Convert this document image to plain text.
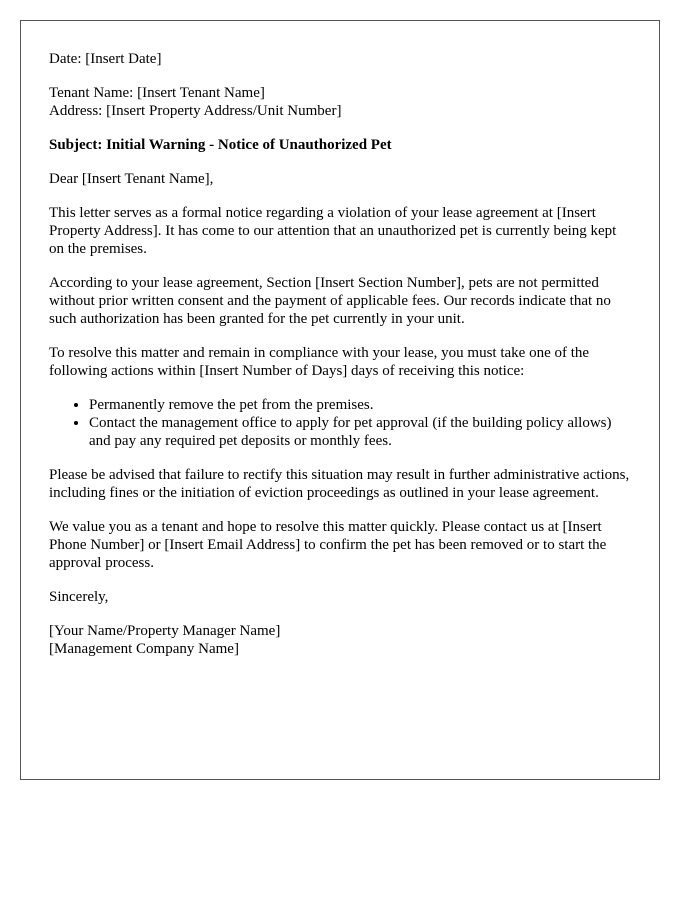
Date: [Insert Date]

Tenant Name: [Insert Tenant Name]
Address: [Insert Property Address/Unit Number]

Subject: Initial Warning - Notice of Unauthorized Pet

Dear [Insert Tenant Name],

This letter serves as a formal notice regarding a violation of your lease agreement at [Insert Property Address]. It has come to our attention that an unauthorized pet is currently being kept on the premises.

According to your lease agreement, Section [Insert Section Number], pets are not permitted without prior written consent and the payment of applicable fees. Our records indicate that no such authorization has been granted for the pet currently in your unit.

To resolve this matter and remain in compliance with your lease, you must take one of the following actions within [Insert Number of Days] days of receiving this notice:

• Permanently remove the pet from the premises.
• Contact the management office to apply for pet approval (if the building policy allows) and pay any required pet deposits or monthly fees.

Please be advised that failure to rectify this situation may result in further administrative actions, including fines or the initiation of eviction proceedings as outlined in your lease agreement.

We value you as a tenant and hope to resolve this matter quickly. Please contact us at [Insert Phone Number] or [Insert Email Address] to confirm the pet has been removed or to start the approval process.

Sincerely,

[Your Name/Property Manager Name]
[Management Company Name]
